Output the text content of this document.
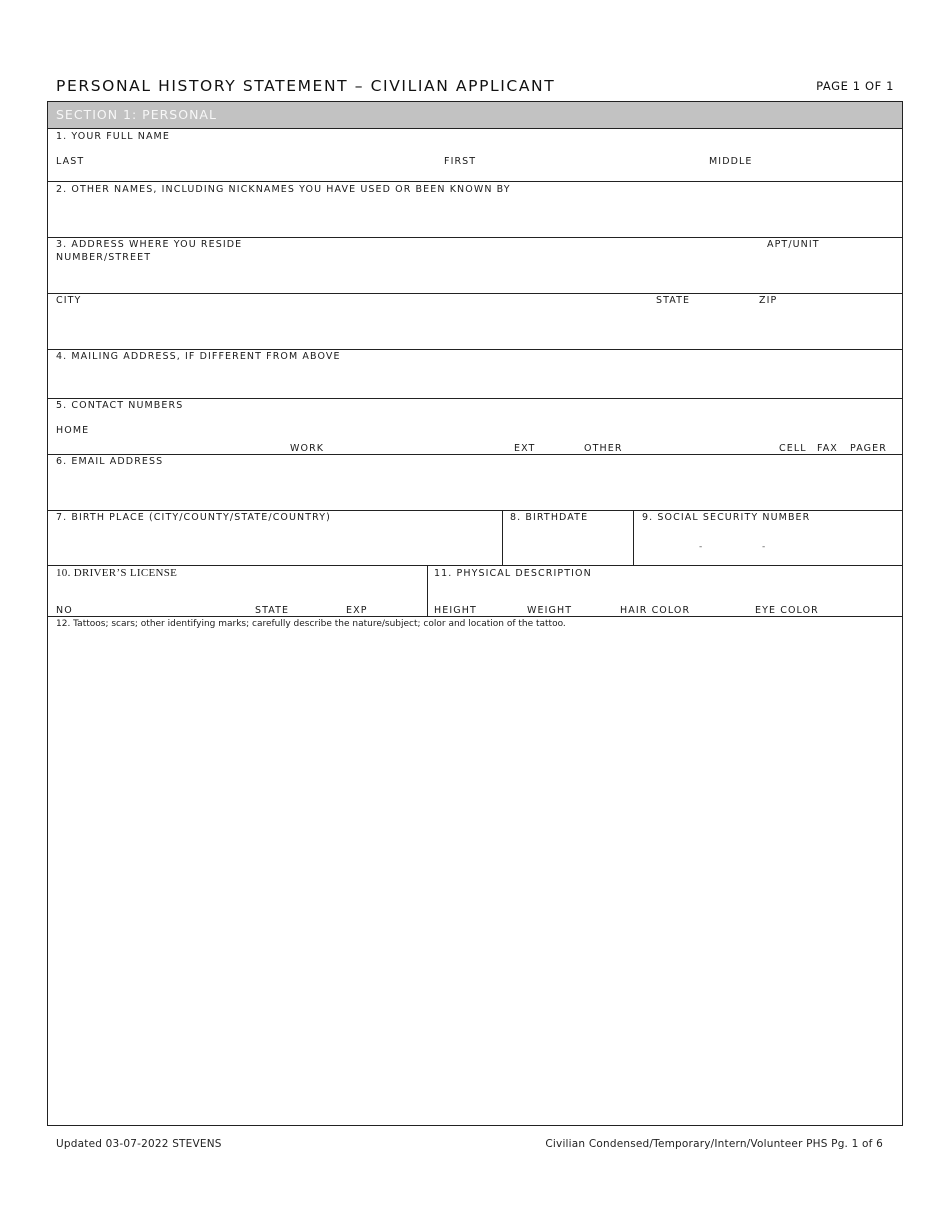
PERSONAL HISTORY STATEMENT – CIVILIAN APPLICANT	PAGE 1 OF 1
SECTION 1: PERSONAL
1. YOUR FULL NAME
LAST	FIRST	MIDDLE
2. OTHER NAMES, INCLUDING NICKNAMES YOU HAVE USED OR BEEN KNOWN BY
3. ADDRESS WHERE YOU RESIDE
NUMBER/STREET
APT/UNIT
CITY	STATE	ZIP
4. MAILING ADDRESS, IF DIFFERENT FROM ABOVE
5. CONTACT NUMBERS
HOME
WORK	EXT	OTHER	CELL FAX PAGER
6. EMAIL ADDRESS
7. BIRTH PLACE (CITY/COUNTY/STATE/COUNTRY)	8. BIRTHDATE	9. SOCIAL SECURITY NUMBER
-	-
10. DRIVER’S LICENSE
NO	STATE	EXP
11. PHYSICAL DESCRIPTION
HEIGHT	WEIGHT	HAIR COLOR	EYE COLOR
12. Tattoos; scars; other identifying marks; carefully describe the nature/subject; color and location of the tattoo.
Updated 03-07-2022 STEVENS	Civilian Condensed/Temporary/Intern/Volunteer PHS Pg. 1 of 6
